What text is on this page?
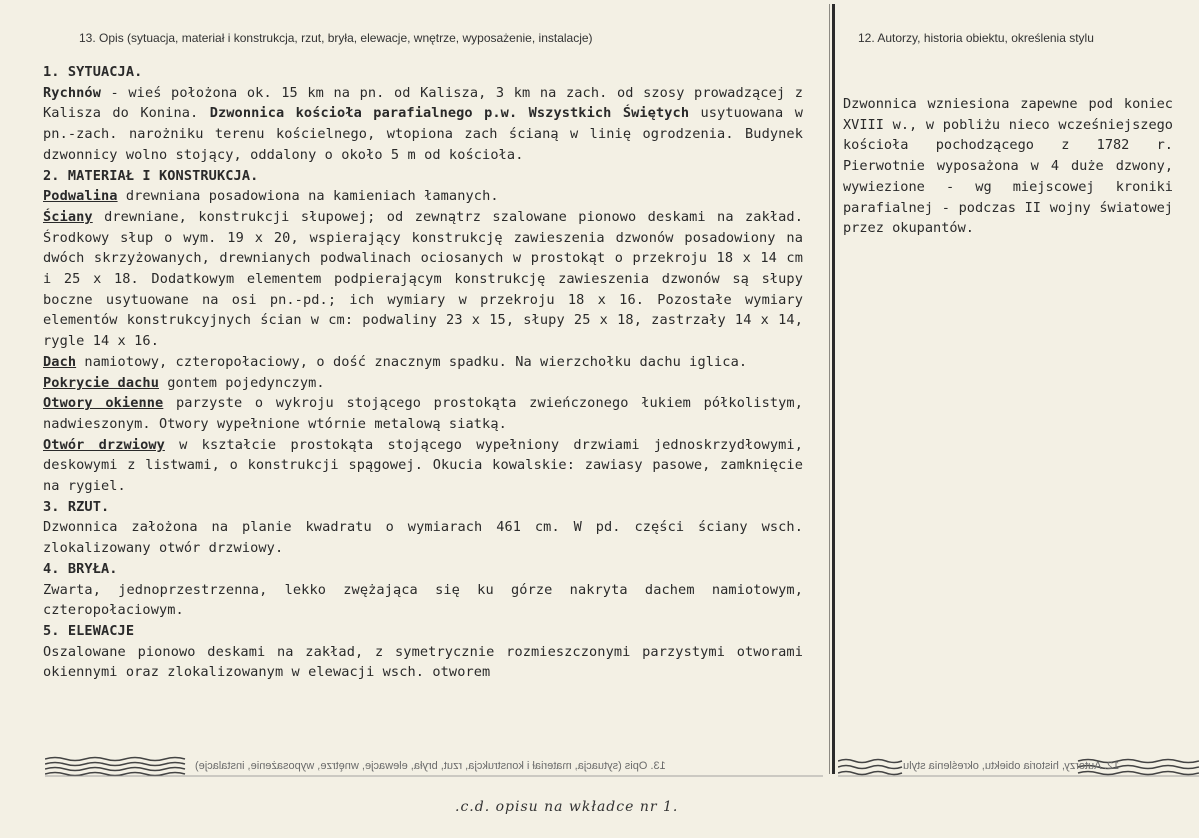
13. Opis (sytuacja, materiał i konstrukcja, rzut, bryła, elewacje, wnętrze, wyposażenie, instalacje)	12. Autorzy, historia obiektu, określenia stylu

1. SYTUACJA.

Rychnów - wieś położona ok. 15 km na pn. od Kalisza, 3 km na zach. od szosy prowadzącej z Kalisza do Konina. Dzwonnica kościoła parafialnego p.w. Wszystkich Świętych usytuowana w pn.-zach. narożniku terenu kościelnego, wtopiona zach ścianą w linię ogrodzenia. Budynek dzwonnicy wolno stojący, oddalony o około 5 m od kościoła.

2. MATERIAŁ I KONSTRUKCJA.

Podwalina drewniana posadowiona na kamieniach łamanych.

Ściany drewniane, konstrukcji słupowej; od zewnątrz szalowane pionowo deskami na zakład. Środkowy słup o wym. 19 x 20, wspierający konstrukcję zawieszenia dzwonów posadowiony na dwóch skrzyżowanych, drewnianych podwalinach ociosanych w prostokąt o przekroju 18 x 14 cm i 25 x 18. Dodatkowym elementem podpierającym konstrukcję zawieszenia dzwonów są słupy boczne usytuowane na osi pn.-pd.; ich wymiary w przekroju 18 x 16. Pozostałe wymiary elementów konstrukcyjnych ścian w cm: podwaliny 23 x 15, słupy 25 x 18, zastrzały 14 x 14, rygle 14 x 16.

Dach namiotowy, czteropołaciowy, o dość znacznym spadku. Na wierzchołku dachu iglica.

Pokrycie dachu gontem pojedynczym.

Otwory okienne parzyste o wykroju stojącego prostokąta zwieńczonego łukiem półkolistym, nadwieszonym. Otwory wypełnione wtórnie metalową siatką.

Otwór drzwiowy w kształcie prostokąta stojącego wypełniony drzwiami jednoskrzydłowymi, deskowymi z listwami, o konstrukcji spągowej. Okucia kowalskie: zawiasy pasowe, zamknięcie na rygiel.

3. RZUT.

Dzwonnica założona na planie kwadratu o wymiarach 461 cm. W pd. części ściany wsch. zlokalizowany otwór drzwiowy.

4. BRYŁA.

Zwarta, jednoprzestrzenna, lekko zwężająca się ku górze nakryta dachem namiotowym, czteropołaciowym.

5. ELEWACJE

Oszalowane pionowo deskami na zakład, z symetrycznie rozmieszczonymi parzystymi otworami okiennymi oraz zlokalizowanym w elewacji wsch. otworem

Dzwonnica wzniesiona zapewne pod koniec XVIII w., w pobliżu nieco wcześniejszego kościoła pochodzącego z 1782 r. Pierwotnie wyposażona w 4 duże dzwony, wywiezione - wg miejscowej kroniki parafialnej - podczas II wojny światowej przez okupantów.

13. Opis (sytuacja, materiał i konstrukcja, rzut, bryła, elewacje, wnętrze, wyposażenie, instalacje)	12. Autorzy, historia obiektu, określenia stylu
.c.d. opisu na wkładce nr 1.
